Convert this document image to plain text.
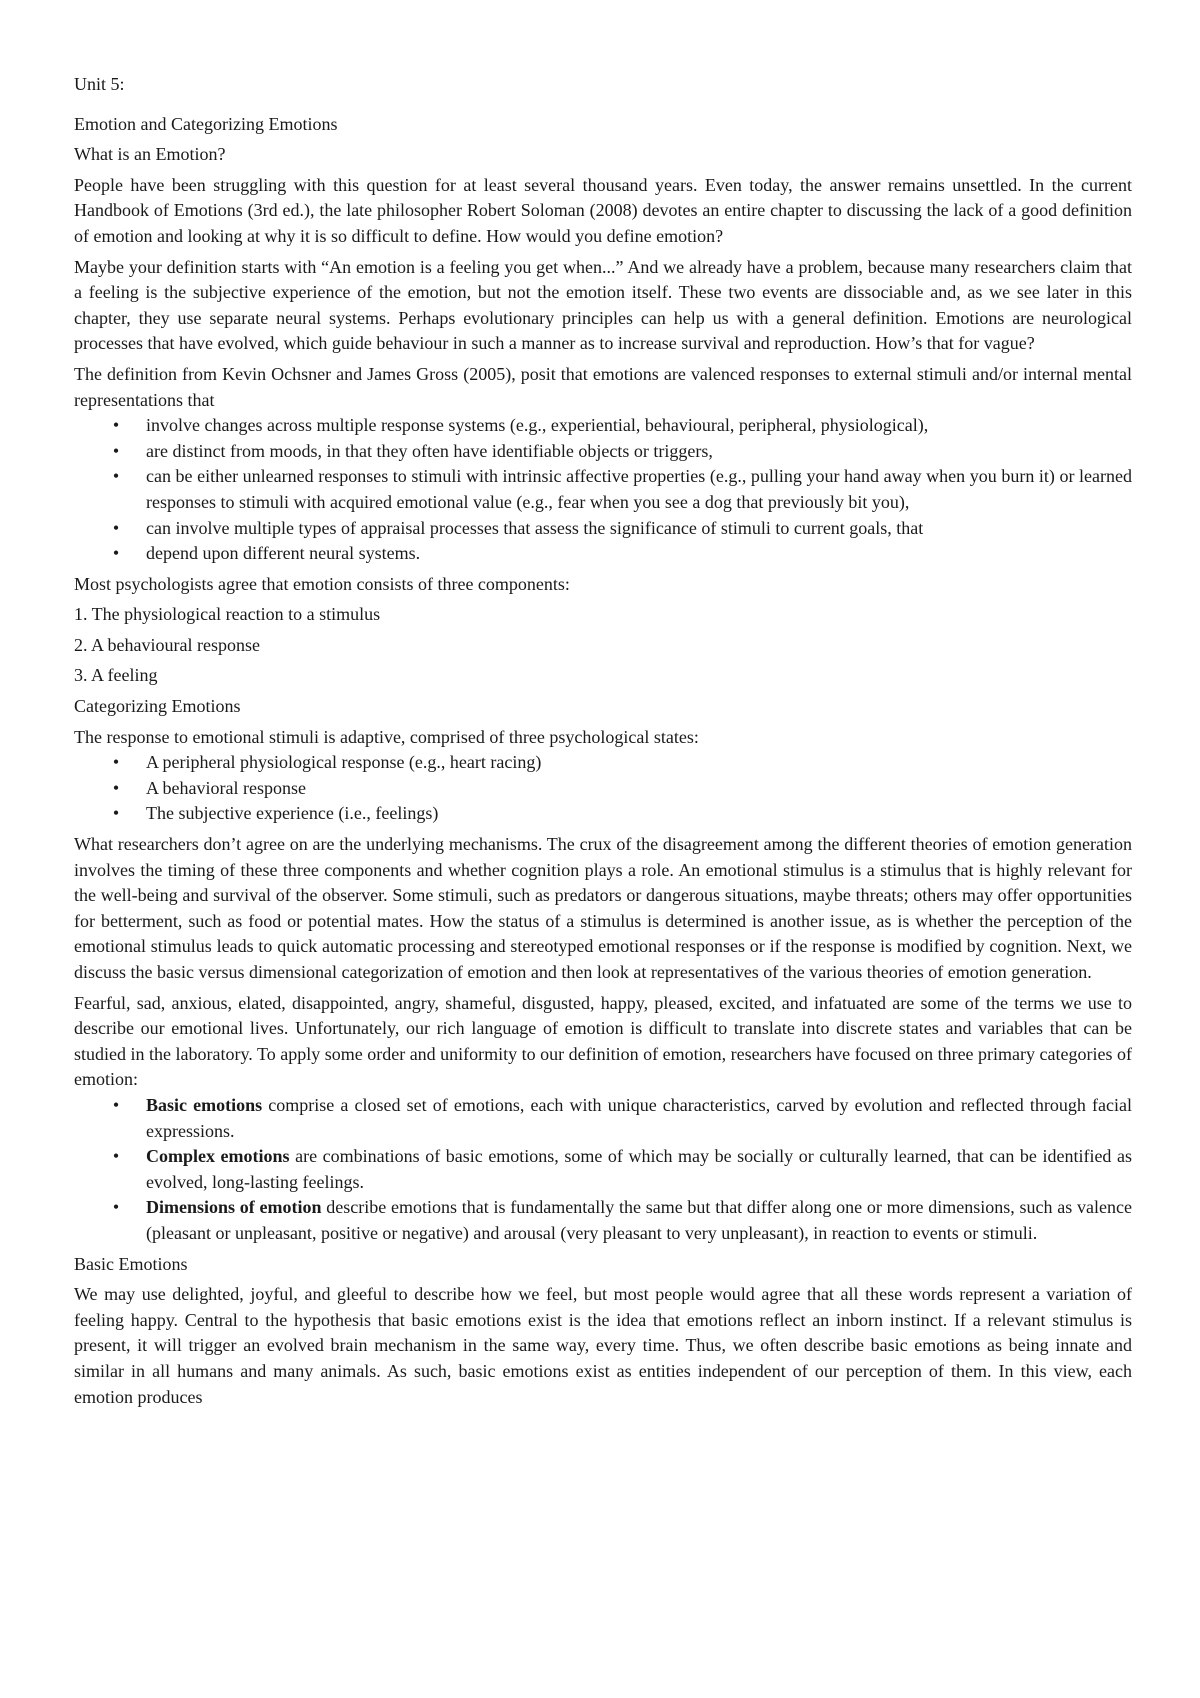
Unit 5:

Emotion and Categorizing Emotions

What is an Emotion?

People have been struggling with this question for at least several thousand years. Even today, the answer remains unsettled. In the current Handbook of Emotions (3rd ed.), the late philosopher Robert Soloman (2008) devotes an entire chapter to discussing the lack of a good definition of emotion and looking at why it is so difficult to define. How would you define emotion?

Maybe your definition starts with “An emotion is a feeling you get when...” And we already have a problem, because many researchers claim that a feeling is the subjective experience of the emotion, but not the emotion itself. These two events are dissociable and, as we see later in this chapter, they use separate neural systems. Perhaps evolutionary principles can help us with a general definition. Emotions are neurological processes that have evolved, which guide behaviour in such a manner as to increase survival and reproduction. How’s that for vague?

The definition from Kevin Ochsner and James Gross (2005), posit that emotions are valenced responses to external stimuli and/or internal mental representations that

• involve changes across multiple response systems (e.g., experiential, behavioural, peripheral, physiological),
• are distinct from moods, in that they often have identifiable objects or triggers,
• can be either unlearned responses to stimuli with intrinsic affective properties (e.g., pulling your hand away when you burn it) or learned responses to stimuli with acquired emotional value (e.g., fear when you see a dog that previously bit you),
• can involve multiple types of appraisal processes that assess the significance of stimuli to current goals, that
• depend upon different neural systems.

Most psychologists agree that emotion consists of three components:

1. The physiological reaction to a stimulus

2. A behavioural response

3. A feeling

Categorizing Emotions

The response to emotional stimuli is adaptive, comprised of three psychological states:

• A peripheral physiological response (e.g., heart racing)
• A behavioral response
• The subjective experience (i.e., feelings)

What researchers don’t agree on are the underlying mechanisms. The crux of the disagreement among the different theories of emotion generation involves the timing of these three components and whether cognition plays a role. An emotional stimulus is a stimulus that is highly relevant for the well-being and survival of the observer. Some stimuli, such as predators or dangerous situations, maybe threats; others may offer opportunities for betterment, such as food or potential mates. How the status of a stimulus is determined is another issue, as is whether the perception of the emotional stimulus leads to quick automatic processing and stereotyped emotional responses or if the response is modified by cognition. Next, we discuss the basic versus dimensional categorization of emotion and then look at representatives of the various theories of emotion generation.

Fearful, sad, anxious, elated, disappointed, angry, shameful, disgusted, happy, pleased, excited, and infatuated are some of the terms we use to describe our emotional lives. Unfortunately, our rich language of emotion is difficult to translate into discrete states and variables that can be studied in the laboratory. To apply some order and uniformity to our definition of emotion, researchers have focused on three primary categories of emotion:

• Basic emotions comprise a closed set of emotions, each with unique characteristics, carved by evolution and reflected through facial expressions.
• Complex emotions are combinations of basic emotions, some of which may be socially or culturally learned, that can be identified as evolved, long-lasting feelings.
• Dimensions of emotion describe emotions that is fundamentally the same but that differ along one or more dimensions, such as valence (pleasant or unpleasant, positive or negative) and arousal (very pleasant to very unpleasant), in reaction to events or stimuli.

Basic Emotions

We may use delighted, joyful, and gleeful to describe how we feel, but most people would agree that all these words represent a variation of feeling happy. Central to the hypothesis that basic emotions exist is the idea that emotions reflect an inborn instinct. If a relevant stimulus is present, it will trigger an evolved brain mechanism in the same way, every time. Thus, we often describe basic emotions as being innate and similar in all humans and many animals. As such, basic emotions exist as entities independent of our perception of them. In this view, each emotion produces
